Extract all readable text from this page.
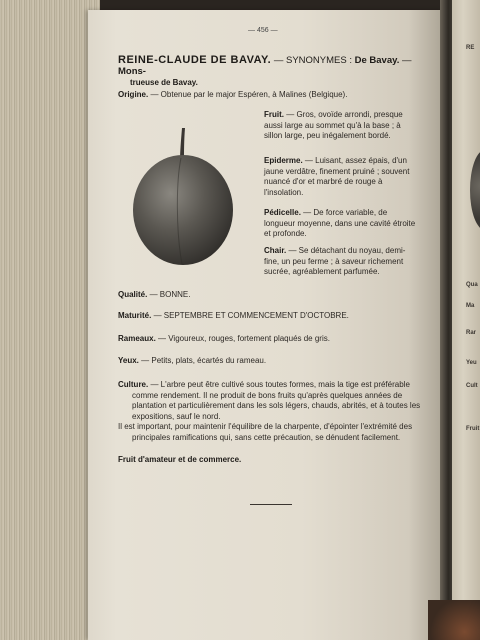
— 456 —
REINE-CLAUDE DE BAVAY. — SYNONYMES : De Bavay. — Mons-
trueuse de Bavay.
Origine. — Obtenue par le major Espéren, à Malines (Belgique).
Fruit. — Gros, ovoïde arrondi, presque aussi large au sommet qu'à la base ; à sillon large, peu inégalement bordé.
Epiderme. — Luisant, assez épais, d'un jaune verdâtre, finement pruiné ; souvent nuancé d'or et marbré de rouge à l'insolation.
Pédicelle. — De force variable, de longueur moyenne, dans une cavité étroite et profonde.
Chair. — Se détachant du noyau, demi-fine, un peu ferme ; à saveur richement sucrée, agréablement parfumée.
Qualité. — BONNE.
Maturité. — SEPTEMBRE ET COMMENCEMENT D'OCTOBRE.
Rameaux. — Vigoureux, rouges, fortement plaqués de gris.
Yeux. — Petits, plats, écartés du rameau.
Culture. — L'arbre peut être cultivé sous toutes formes, mais la tige est préférable comme rendement. Il ne produit de bons fruits qu'après quelques années de plantation et particulièrement dans les sols légers, chauds, abrités, et à toutes les expositions, sauf le nord.
Il est important, pour maintenir l'équilibre de la charpente, d'épointer l'extrémité des principales ramifications qui, sans cette précaution, se dénudent facilement.
Fruit d'amateur et de commerce.
RE
Qua
Ma
Rar
Yeu
Cult
Fruit
